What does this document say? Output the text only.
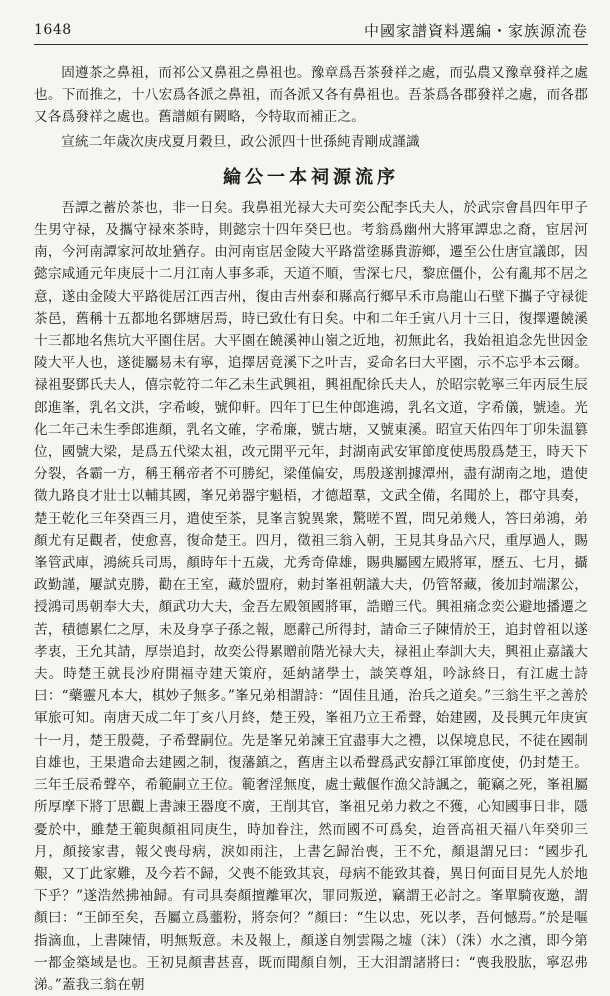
1648	中國家譜資料選編・家族源流卷

固遵茶之鼻祖，而祁公又鼻祖之鼻祖也。豫章爲吾茶發祥之處，而弘農又豫章發祥之處也。下而推之，十八宏爲各派之鼻祖，而各派又各有鼻祖也。吾茶爲各郡發祥之處，而各郡又各爲發祥之處也。舊譜頗有闕略，今特取而補正之。

宣統二年歲次庚戌夏月穀旦，政公派四十世孫純青剛成謹識

綸公一本祠源流序

吾譚之蓄於茶也，非一日矣。我鼻祖光禄大夫可奕公配李氏夫人，於武宗會昌四年甲子生男守禄，及攜守禄來茶時，則懿宗十四年癸巳也。考翁爲幽州大將軍譚忠之裔，宦居河南，今河南譚家河故址猶存。由河南宦居金陵大平路當塗縣貴游鄉，遷至公仕唐宣議郎，因懿宗咸通元年庚辰十二月江南人事多乖，天道不順，雪深七尺，黎庶僵仆，公有亂邦不居之意，遂由金陵大平路徙居江西吉州，復由吉州泰和縣高行鄉早禾市鳥龍山石壁下攜子守禄徙茶邑，舊稱十五都地名鄧塘居焉，時已致仕有日矣。中和二年壬寅八月十三日，復擇遷饒溪十三都地名焦坑大平園住居。大平園在饒溪神山嶺之近地，初無此名，我始祖追念先世因金陵大平人也，遂徙屬易未有寧，追擇居竟溪下之叶吉，妥命名曰大平園，示不忘乎本云爾。禄祖娶鄧氏夫人，僖宗乾符二年乙未生武興祖，興祖配徐氏夫人，於昭宗乾寧三年丙辰生辰郎進峯，乳名文洪，字希峻，號仰軒。四年丁巳生仲郎進鴻，乳名文道，字希儀，號逵。光化二年己未生季郎進顏，乳名文確，字希廉，號古塘，又號東溪。昭宣天佑四年丁卯朱温篡位，國號大梁，是爲五代梁太祖，改元開平元年，封湖南武安軍節度使馬殷爲楚王，時天下分裂，各霸一方，稱王稱帝者不可勝紀，梁僅偏安，馬殷遂割據潭州，盡有湖南之地，遣使徵九路良才壯士以輔其國，峯兄弟器宇魁梧，才德超羣，文武全備，名聞於上，郡守具奏，楚王乾化三年癸酉三月，遣使至茶，見峯言貌異衆，驚嗟不置，問兄弟幾人，答曰弟鴻，弟顏尤有足觀者，使愈喜，復命楚王。四月，徵祖三翁入朝，王見其身品六尺，重厚過人，賜峯管武庫，鴻統兵司馬，顏時年十五歲，尤秀奇偉雄，賜典屬國左殿將軍，歷五、七月，攝政勤謹，屢試克勝，勸在王室，藏於盟府，勅封峯祖朝議大夫，仍管帑藏，後加封端潔公，授鴻司馬朝奉大夫，顏武功大夫，金吾左殿領國將軍，誥贈三代。興祖痛念奕公避地播遷之苦，積德累仁之厚，未及身享子孫之報，愿辭己所得封，請命三子陳情於王，追封曾祖以遂孝衷，王允其請，厚崇追封，故奕公得累贈前階光禄大夫，禄祖止奉訓大夫，興祖止嘉議大夫。時楚王就長沙府開福寺建天策府，延納諸學士，談笑尊俎，吟詠終日，有江處士詩曰：“藥靈凡本大，棋妙子無多。”峯兄弟相謂詩：“固佳且通，治兵之道矣。”三翁生平之善於軍旅可知。南唐天成二年丁亥八月終，楚王殁，峯祖乃立王希聲，始建國，及長興元年庚寅十一月，楚王殷薨，子希聲嗣位。先是峯兄弟諫王宜盡事大之禮，以保境息民，不徒在國制自雄也，王果遣命去建國之制，復藩鎮之，舊唐主以希聲爲武安靜江軍節度使，仍封楚王。三年壬辰希聲卒，希範嗣立王位。範奢淫無度，處士戴偃作漁父詩諷之，範竊之死，峯祖屬所厚摩下將丁思觀上書諫王器度不廣，王削其官，峯祖兄弟力救之不獲，心知國事日非，隱憂於中，雖楚王範與顏祖同庚生，時加眷注，然而國不可爲矣，迨晉高祖天福八年癸卯三月，顏接家書，報父喪母病，淚如雨注，上書乞歸治喪，王不允，顏退謂兄曰：“國步孔艱，又丁此家難，及今若不歸，父喪不能致其哀，母病不能致其養，異日何面目見先人於地下乎？”遂浩然拂袖歸。有司具奏顏擅離軍次，罪同叛逆，竊謂王必討之。峯單騎夜邀，謂顏曰：“王師至矣，吾屬立爲虀粉，將奈何？”顏曰：“生以忠，死以孝，吾何憾焉。”於是嘔指滴血，上書陳情，明無叛意。未及報上，顏遂自刎雲陽之墟（沫）（洙）水之濱，即今第一都金築域是也。王初見顏書甚喜，既而聞顏自刎，王大泪謂諸將曰：“喪我股肱，寧忍弗涕。”蓋我三翁在朝
